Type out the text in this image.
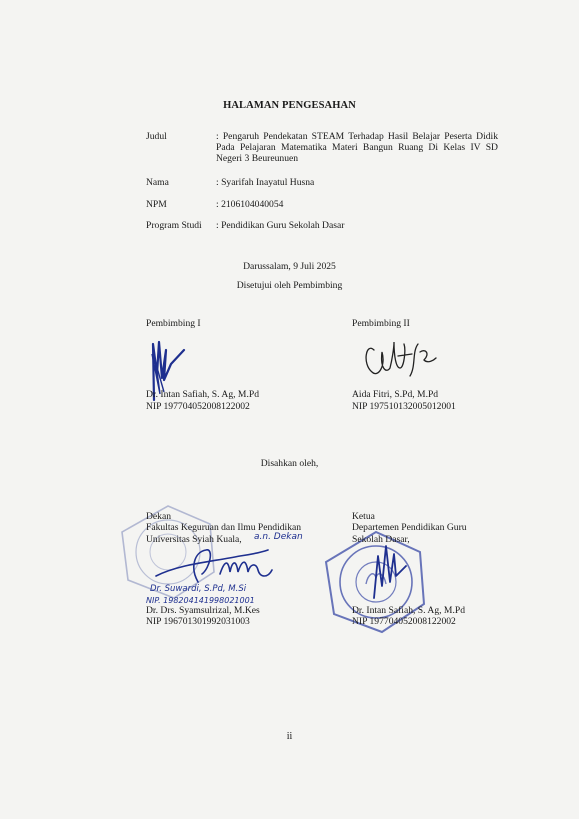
HALAMAN PENGESAHAN
Judul	: Pengaruh Pendekatan STEAM Terhadap Hasil Belajar Peserta Didik Pada Pelajaran Matematika Materi Bangun Ruang Di Kelas IV SD Negeri 3 Beureunuen
Nama	: Syarifah Inayatul Husna
NPM	: 2106104040054
Program Studi	: Pendidikan Guru Sekolah Dasar
Darussalam, 9 Juli 2025
Disetujui oleh Pembimbing
Pembimbing I
Dr. Intan Safiah, S. Ag, M.Pd
NIP 197704052008122002
Pembimbing II
Aida Fitri, S.Pd, M.Pd
NIP 197510132005012001
Disahkan oleh,
Dekan
Fakultas Keguruan dan Ilmu Pendidikan
Universitas Syiah Kuala, a.n. Dekan
Dr. Suwardi, S.Pd, M.Si
NIP. 198204141998021001
Dr. Drs. Syamsulrizal, M.Kes
NIP 196701301992031003
Ketua
Departemen Pendidikan Guru
Sekolah Dasar,
Dr. Intan Safiah, S. Ag, M.Pd
NIP 197704052008122002
ii
